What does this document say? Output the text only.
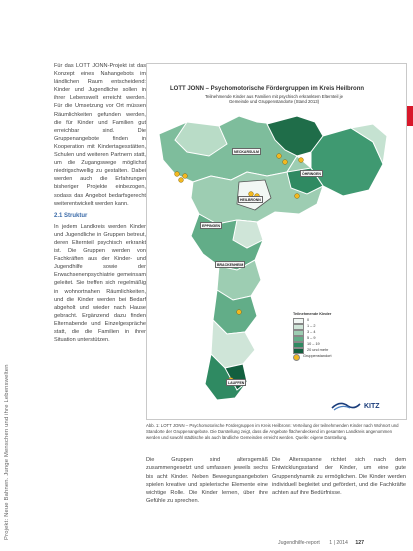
Projekt: Neue Bahnen. Junge Menschen und ihre Lebenswelten

Für das LOTT JONN-Projekt ist das Konzept eines Nahangebots im ländlichen Raum entscheidend: Kinder und Jugendliche sollen in ihrer Lebenswelt erreicht werden. Für die Umsetzung vor Ort müssen Räumlichkeiten gefunden werden, die für Kinder und Familien gut erreichbar sind. Die Gruppenangebote finden in Kooperation mit Kindertagesstätten, Schulen und weiteren Partnern statt, um die Zugangswege möglichst niedrigschwellig zu gestalten. Dabei werden auch die Erfahrungen bisheriger Projekte einbezogen, sodass das Angebot bedarfsgerecht weiterentwickelt werden kann.

2.1 Struktur

In jedem Landkreis werden Kinder und Jugendliche in Gruppen betreut, deren Elternteil psychisch erkrankt ist. Die Gruppen werden von Fachkräften aus der Kinder- und Jugendhilfe sowie der Erwachsenenpsychiatrie gemeinsam geleitet. Sie treffen sich regelmäßig in wohnortnahen Räumlichkeiten, und die Kinder werden bei Bedarf abgeholt und wieder nach Hause gebracht. Ergänzend dazu finden Elternabende und Einzelgespräche statt, die die Familien in ihrer Situation unterstützen.

LOTT JONN – Psychomotorische Fördergruppen im Kreis Heilbronn
Teilnehmende Kinder aus Familien mit psychisch erkranktem Elternteil je Gemeinde und Gruppenstandorte (Stand 2013)
NECKARSULM
ÖHRINGEN
HEILBRONN
EPPINGEN
BRACKENHEIM
LAUFFEN
Teilnehmende Kinder
0
1 – 2
3 – 4
5 – 9
10 – 19
20 und mehr
Gruppenstandort
KITZ
Abb. 1: LOTT JONN – Psychomotorische Fördergruppen im Kreis Heilbronn: Verteilung der teilnehmenden Kinder nach Wohnort und Standorte der Gruppenangebote. Die Darstellung zeigt, dass die Angebote flächendeckend im gesamten Landkreis angenommen werden und sowohl städtische als auch ländliche Gemeinden erreicht werden. Quelle: eigene Darstellung.
Die Gruppen sind altersgemäß zusammengesetzt und umfassen jeweils sechs bis acht Kinder. Neben Bewegungsangeboten spielen kreative und spielerische Elemente eine wichtige Rolle. Die Kinder lernen, über ihre Gefühle zu sprechen.
Die Altersspanne richtet sich nach dem Entwicklungsstand der Kinder, um eine gute Gruppendynamik zu ermöglichen. Die Kinder werden individuell begleitet und gefördert, und die Fachkräfte achten auf ihre Bedürfnisse.
Jugendhilfe-report 1 | 2014 127
